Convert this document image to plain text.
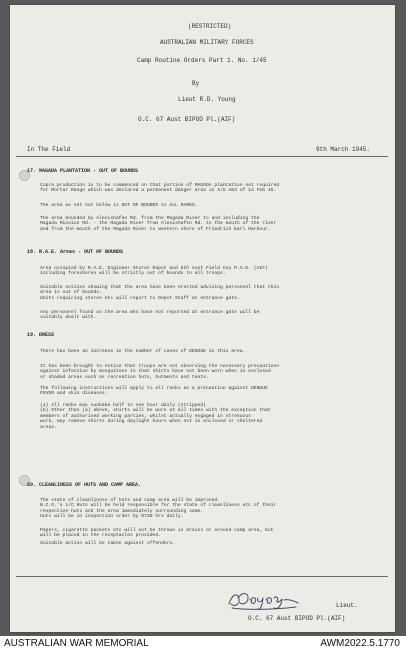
(RESTRICTED)
AUSTRALIAN MILITARY FORCES
Camp Routine Orders Part 1. No. 1/45
By
Lieut R.D. Young
O.C. 67 Aust BIPOD Pl.(AIF)
In The Field	9th March 1945.
17. MAGADA PLANTATION - OUT OF BOUNDS
Copra production is to be commenced on that portion of MAGADA plantation not required
for Mortar Range which was declared a permanent danger area in A/G A63 of 14 Feb 45.
The area as set out below is OUT OF BOUNDS to ALL RANKS.
The area bounded by Alexishafen Rd. from the Magada River to and including the
Magada Mission Rd. - the Magada River from Alexishafen Rd. to the mouth of the river
and from the mouth of the Magada River to western shore of Friedrich Karl Harbour.
18. R.A.E. Areas - OUT OF BOUNDS
Area occupied by R.A.E. Engineer Stores Depot and 8th Aust Field Coy R.A.E. (AIF)
including foreshores will be strictly out of bounds to all troops.
Suitable notices showing that the area have been erected advising personnel that this
area is out of bounds.
Units requiring stores etc will report to Depot Staff at entrance gate.
Any personnel found on the area who have not reported at entrance gate will be
suitably dealt with.
19. DRESS
There has been an increase in the number of cases of DENGUE in this area.
It has been brought to notice that troops are not observing the necessary precautions
against infection by mosquitoes in that shirts have not been worn when in enclosed
or shaded areas such as recreation huts, hutments and tents.
The following instructions will apply to all ranks as a precaution against DENGUE
FEVER and skin diseases.
(a) All ranks may sunbake half to one hour daily (stripped)
(b) Other than (a) above, shirts will be worn at all times with the exception that
members of authorised working parties, whilst actually engaged in strenuous
work, may remove shirts during daylight hours when not in enclosed or sheltered
areas.
20. CLEANLINESS OF HUTS AND CAMP AREA.
The state of cleanliness of huts and camp area will be improved.
N.C.O.'s i/C Huts will be held responsible for the state of cleanliness etc of their
respective huts and the area immediately surrounding same.
Huts will be in inspection order by 0730 hrs daily.
Papers, cigarette packets etc will not be thrown in drains or around camp area, but
will be placed in the receptacles provided.
Suitable action will be taken against offenders.
Lieut.
O.C. 67 Aust BIPOD Pl.(AIF)
AUSTRALIAN WAR MEMORIAL	AWM2022.5.1770
